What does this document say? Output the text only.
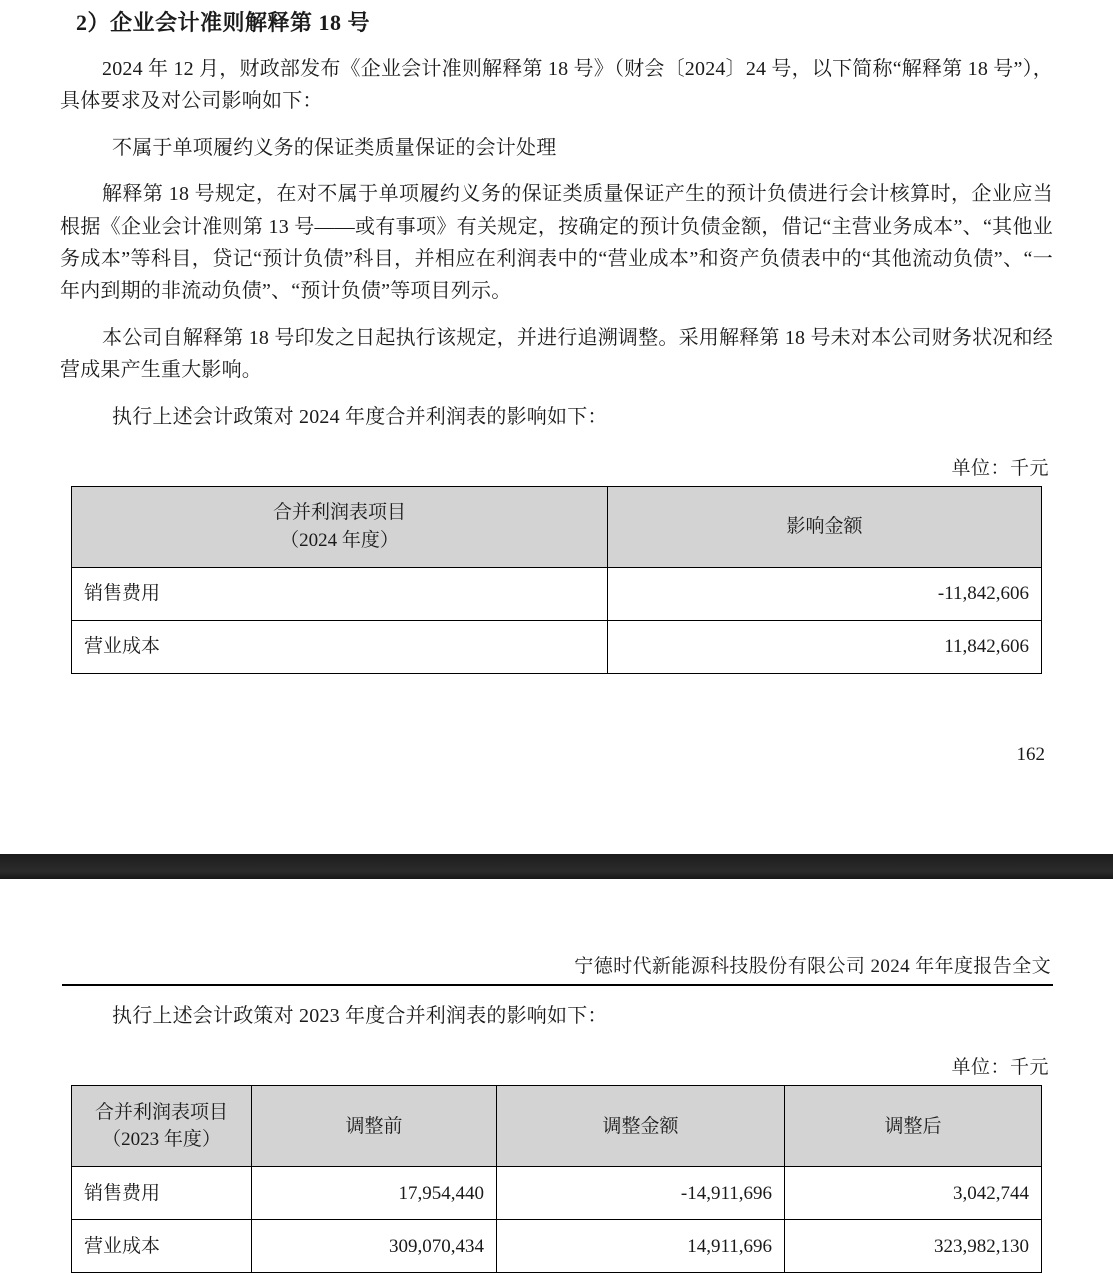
2）企业会计准则解释第 18 号

2024 年 12 月，财政部发布《企业会计准则解释第 18 号》（财会〔2024〕24 号，以下简称“解释第 18 号”），具体要求及对公司影响如下：

不属于单项履约义务的保证类质量保证的会计处理

解释第 18 号规定，在对不属于单项履约义务的保证类质量保证产生的预计负债进行会计核算时，企业应当根据《企业会计准则第 13 号——或有事项》有关规定，按确定的预计负债金额，借记“主营业务成本”、“其他业务成本”等科目，贷记“预计负债”科目，并相应在利润表中的“营业成本”和资产负债表中的“其他流动负债”、“一年内到期的非流动负债”、“预计负债”等项目列示。

本公司自解释第 18 号印发之日起执行该规定，并进行追溯调整。采用解释第 18 号未对本公司财务状况和经营成果产生重大影响。

执行上述会计政策对 2024 年度合并利润表的影响如下：

单位：千元
合并利润表项目
（2024 年度）	影响金额
销售费用	-11,842,606
营业成本	11,842,606
162
宁德时代新能源科技股份有限公司 2024 年年度报告全文

执行上述会计政策对 2023 年度合并利润表的影响如下：

单位：千元
合并利润表项目
（2023 年度）	调整前	调整金额	调整后
销售费用	17,954,440	-14,911,696	3,042,744
营业成本	309,070,434	14,911,696	323,982,130
